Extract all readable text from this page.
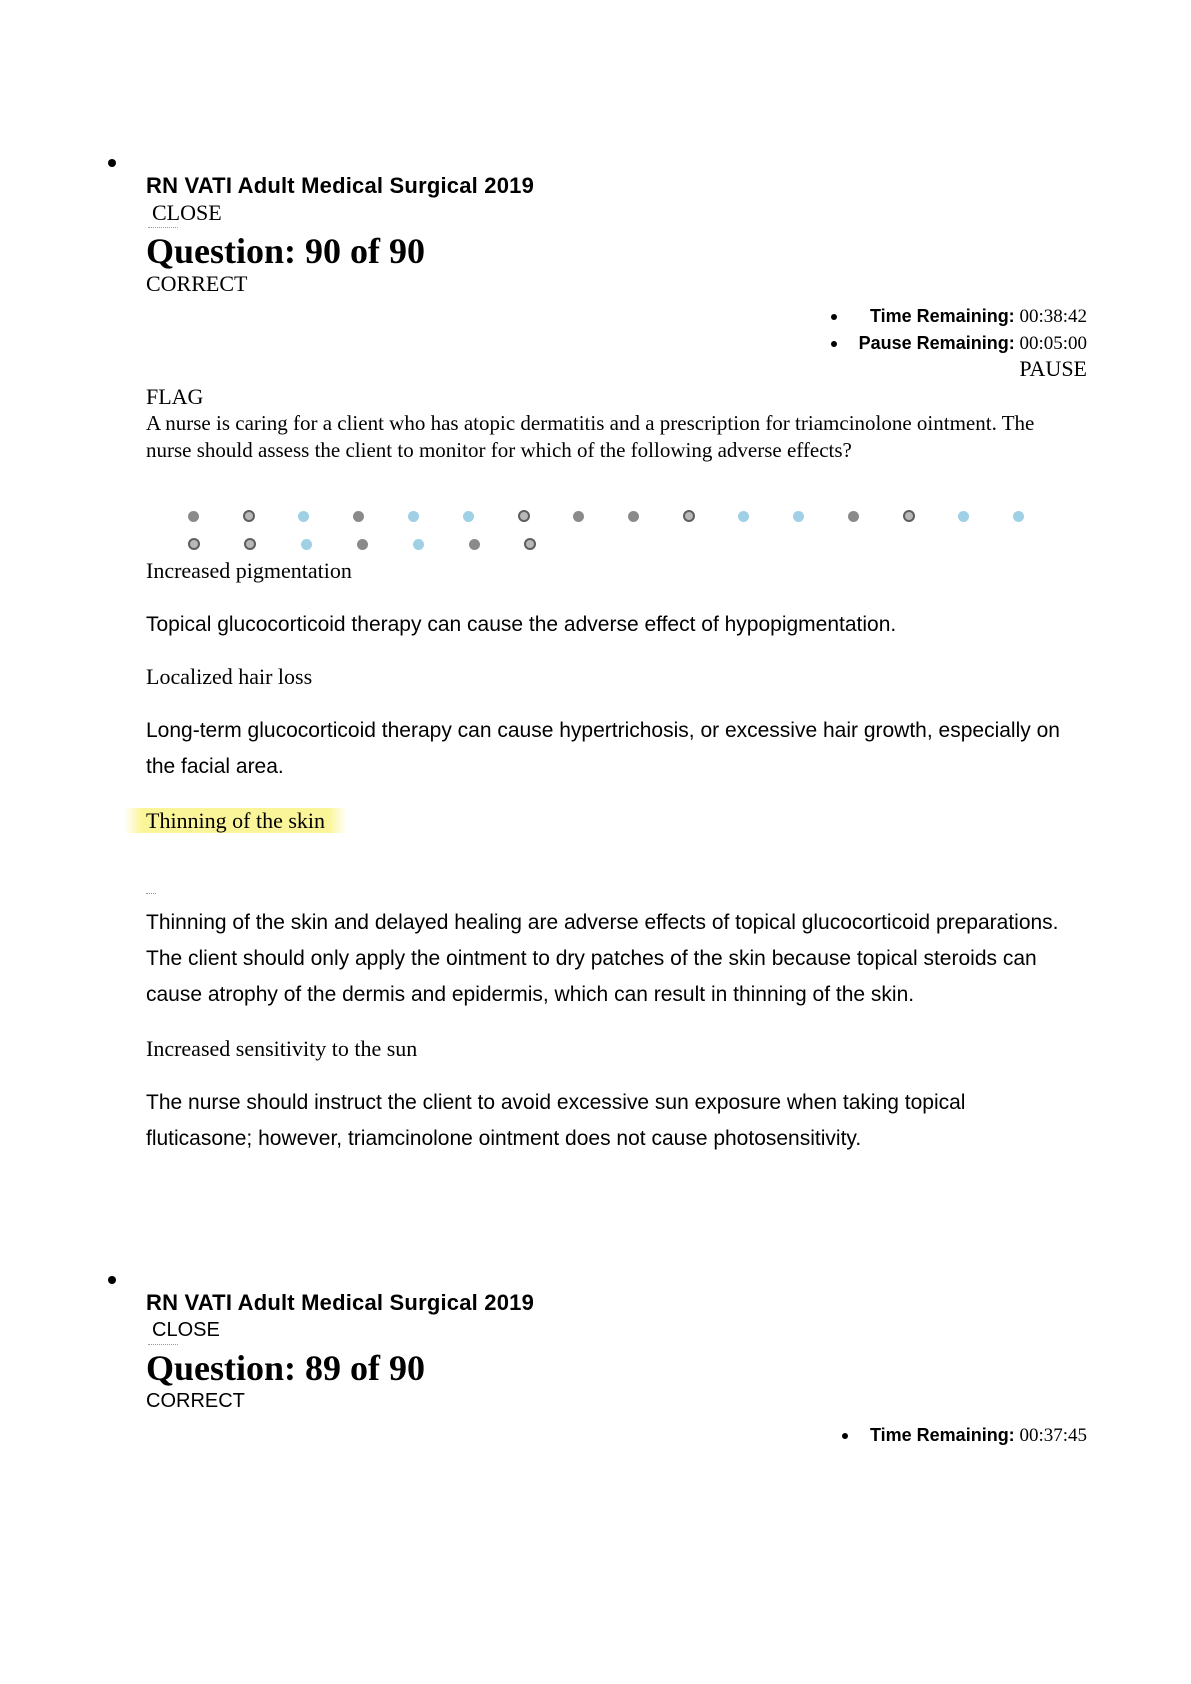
RN VATI Adult Medical Surgical 2019
CLOSE
Question: 90 of 90
CORRECT
Time Remaining: 00:38:42
Pause Remaining: 00:05:00
PAUSE
FLAG
A nurse is caring for a client who has atopic dermatitis and a prescription for triamcinolone ointment. The nurse should assess the client to monitor for which of the following adverse effects?
Increased pigmentation
Topical glucocorticoid therapy can cause the adverse effect of hypopigmentation.
Localized hair loss
Long-term glucocorticoid therapy can cause hypertrichosis, or excessive hair growth, especially on the facial area.
Thinning of the skin
Thinning of the skin and delayed healing are adverse effects of topical glucocorticoid preparations. The client should only apply the ointment to dry patches of the skin because topical steroids can cause atrophy of the dermis and epidermis, which can result in thinning of the skin.
Increased sensitivity to the sun
The nurse should instruct the client to avoid excessive sun exposure when taking topical fluticasone; however, triamcinolone ointment does not cause photosensitivity.
RN VATI Adult Medical Surgical 2019
CLOSE
Question: 89 of 90
CORRECT
Time Remaining: 00:37:45
